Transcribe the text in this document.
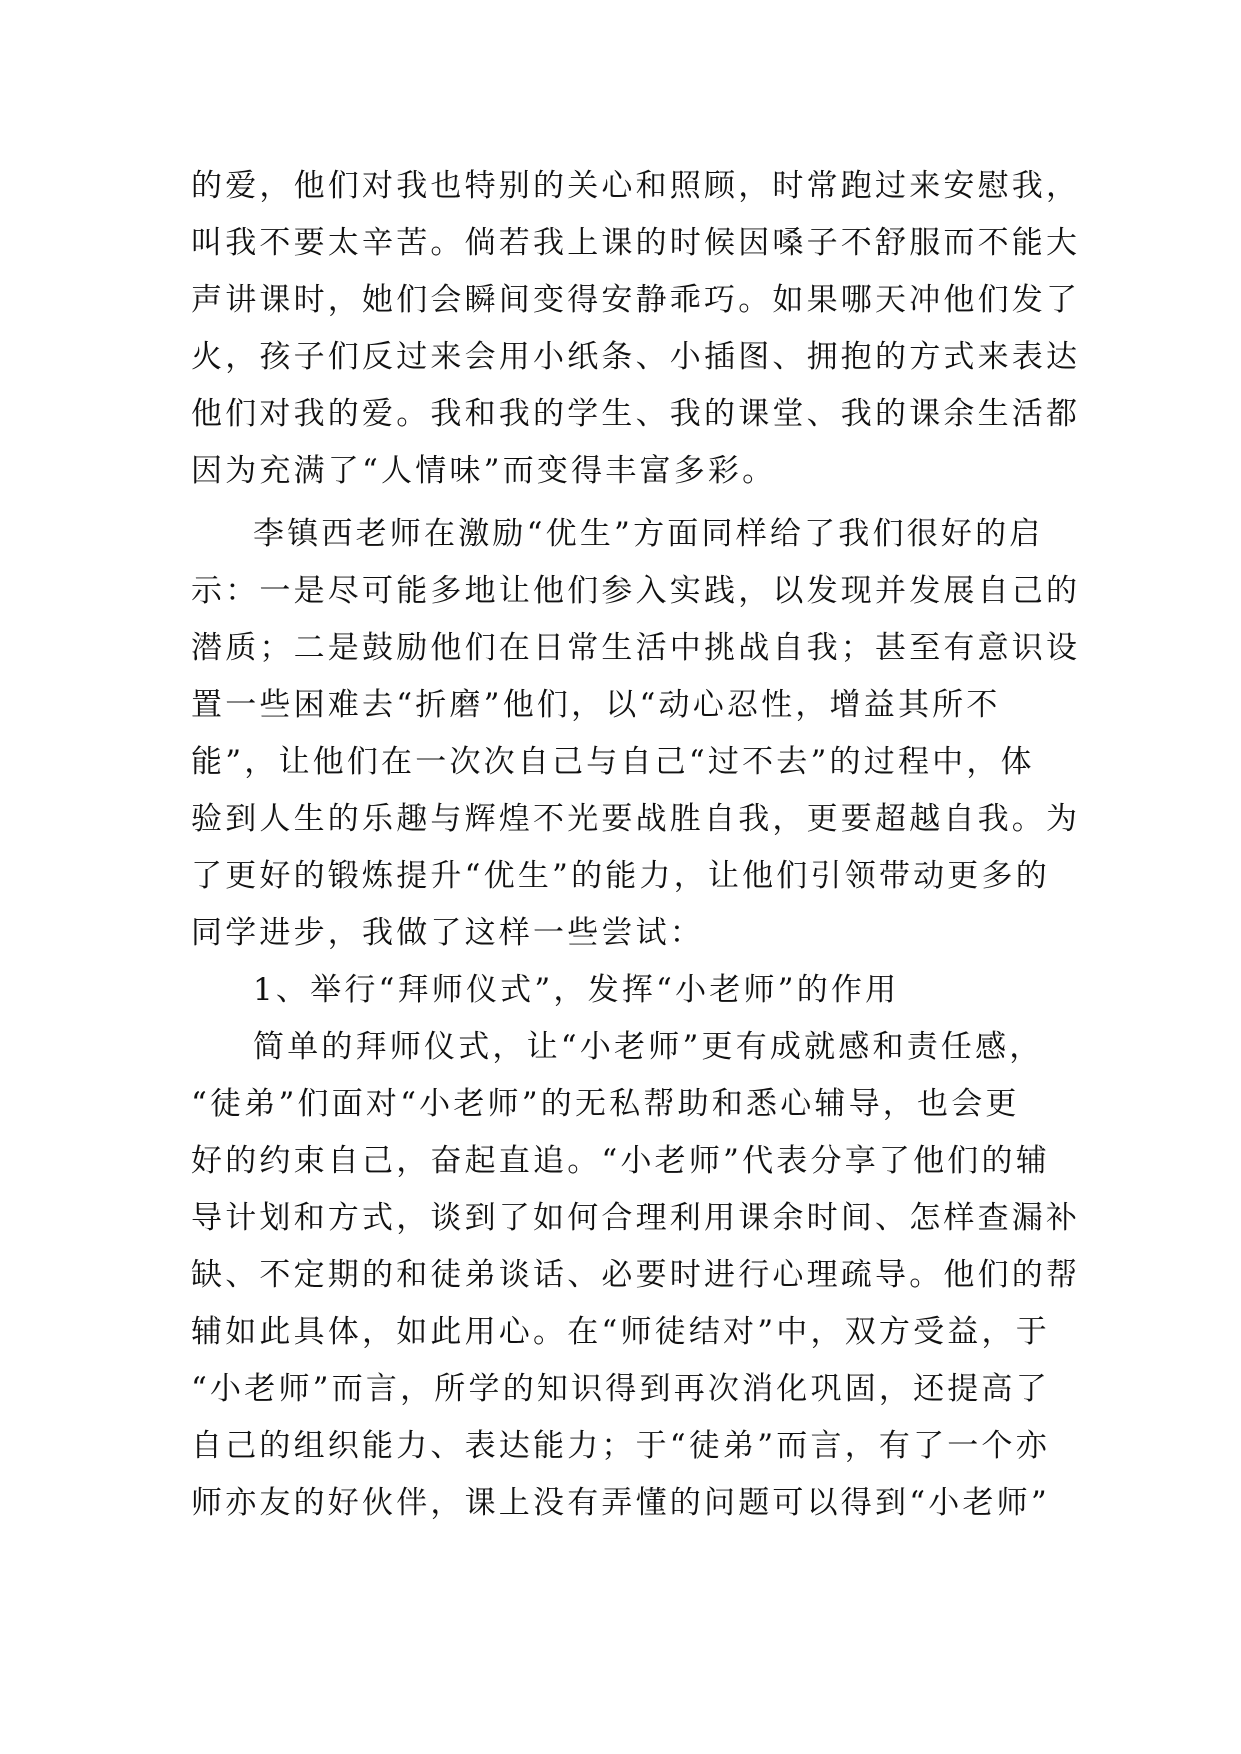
的爱，他们对我也特别的关心和照顾，时常跑过来安慰我，
叫我不要太辛苦。倘若我上课的时候因嗓子不舒服而不能大
声讲课时，她们会瞬间变得安静乖巧。如果哪天冲他们发了
火，孩子们反过来会用小纸条、小插图、拥抱的方式来表达
他们对我的爱。我和我的学生、我的课堂、我的课余生活都
因为充满了“人情味”而变得丰富多彩。
李镇西老师在激励“优生”方面同样给了我们很好的启
示：一是尽可能多地让他们参入实践，以发现并发展自己的
潜质；二是鼓励他们在日常生活中挑战自我；甚至有意识设
置一些困难去“折磨”他们，以“动心忍性，增益其所不
能”，让他们在一次次自己与自己“过不去”的过程中，体
验到人生的乐趣与辉煌不光要战胜自我，更要超越自我。为
了更好的锻炼提升“优生”的能力，让他们引领带动更多的
同学进步，我做了这样一些尝试：
1、举行“拜师仪式”，发挥“小老师”的作用
简单的拜师仪式，让“小老师”更有成就感和责任感，
“徒弟”们面对“小老师”的无私帮助和悉心辅导，也会更
好的约束自己，奋起直追。“小老师”代表分享了他们的辅
导计划和方式，谈到了如何合理利用课余时间、怎样查漏补
缺、不定期的和徒弟谈话、必要时进行心理疏导。他们的帮
辅如此具体，如此用心。在“师徒结对”中，双方受益，于
“小老师”而言，所学的知识得到再次消化巩固，还提高了
自己的组织能力、表达能力；于“徒弟”而言，有了一个亦
师亦友的好伙伴，课上没有弄懂的问题可以得到“小老师”
